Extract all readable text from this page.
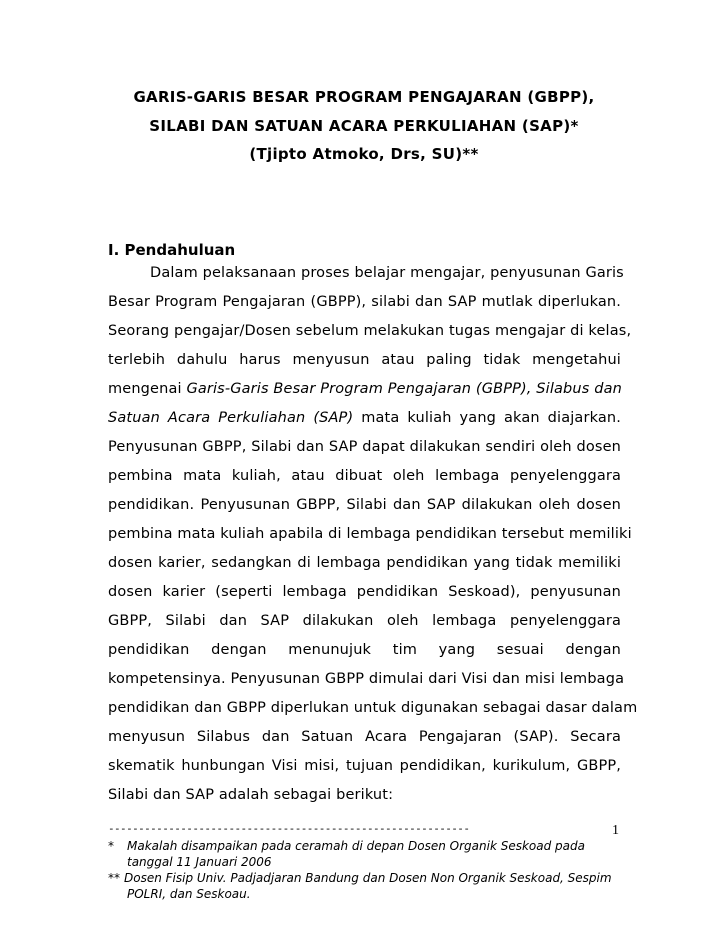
GARIS-GARIS BESAR PROGRAM PENGAJARAN (GBPP),
SILABI DAN SATUAN ACARA PERKULIAHAN (SAP)*
(Tjipto Atmoko, Drs, SU)**
I. Pendahuluan
Dalam pelaksanaan proses belajar mengajar, penyusunan Garis
Besar Program Pengajaran (GBPP), silabi dan SAP mutlak diperlukan.
Seorang pengajar/Dosen sebelum melakukan tugas mengajar di kelas,
terlebih dahulu harus menyusun atau paling tidak mengetahui
mengenai Garis-Garis Besar Program Pengajaran (GBPP), Silabus dan
Satuan Acara Perkuliahan (SAP) mata kuliah yang akan diajarkan.
Penyusunan GBPP, Silabi dan SAP dapat dilakukan sendiri oleh dosen
pembina mata kuliah, atau dibuat oleh lembaga penyelenggara
pendidikan. Penyusunan GBPP, Silabi dan SAP dilakukan oleh dosen
pembina mata kuliah apabila di lembaga pendidikan tersebut memiliki
dosen karier, sedangkan di lembaga pendidikan yang tidak memiliki
dosen karier (seperti lembaga pendidikan Seskoad), penyusunan
GBPP, Silabi dan SAP dilakukan oleh lembaga penyelenggara
pendidikan dengan menunujuk tim yang sesuai dengan
kompetensinya. Penyusunan GBPP dimulai dari Visi dan misi lembaga
pendidikan dan GBPP diperlukan untuk digunakan sebagai dasar dalam
menyusun Silabus dan Satuan Acara Pengajaran (SAP). Secara
skematik hunbungan Visi misi, tujuan pendidikan, kurikulum, GBPP,
Silabi dan SAP adalah sebagai berikut:
------------------------------------------------------------	1
* Makalah disampaikan pada ceramah di depan Dosen Organik Seskoad pada
tanggal 11 Januari 2006
** Dosen Fisip Univ. Padjadjaran Bandung dan Dosen Non Organik Seskoad, Sespim
POLRI, dan Seskoau.
